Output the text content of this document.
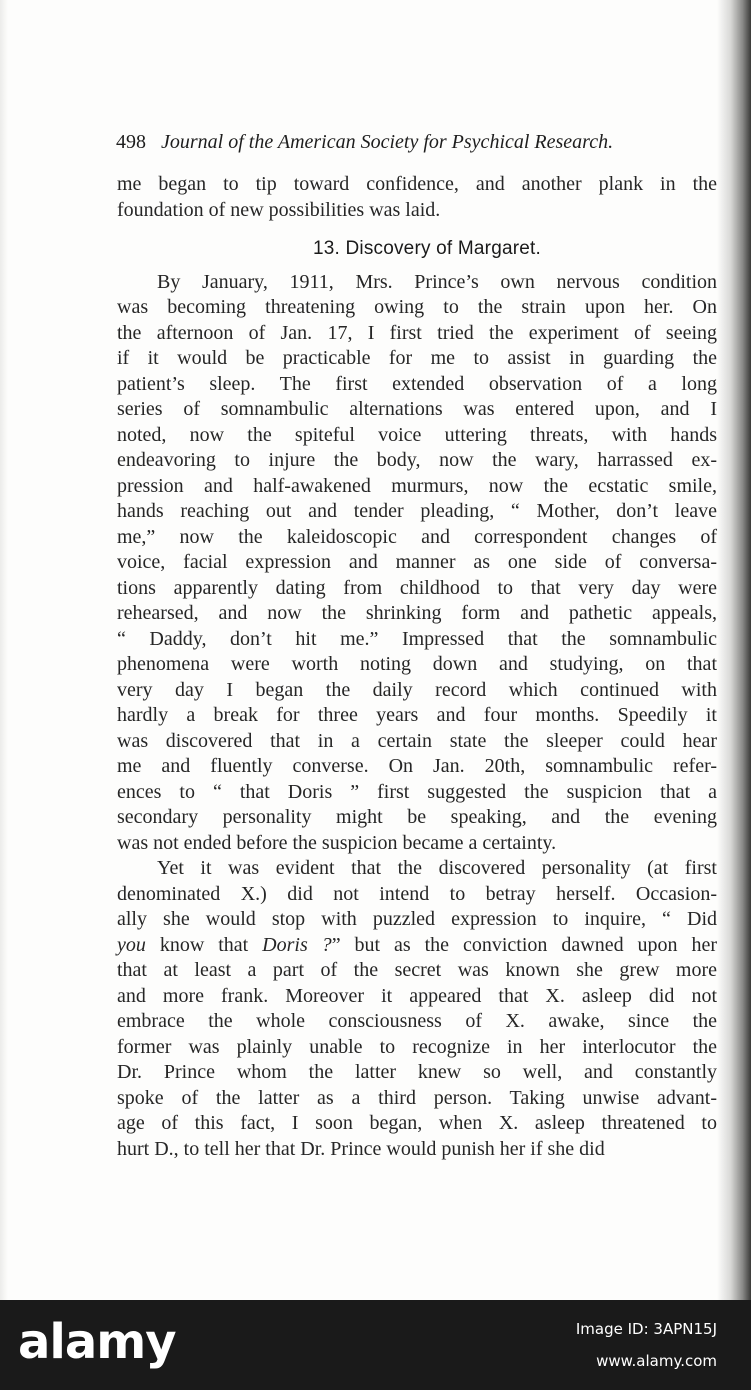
498 Journal of the American Society for Psychical Research.

me began to tip toward confidence, and another plank in the
foundation of new possibilities was laid.

13. Discovery of Margaret.

By January, 1911, Mrs. Prince’s own nervous condition
was becoming threatening owing to the strain upon her. On
the afternoon of Jan. 17, I first tried the experiment of seeing
if it would be practicable for me to assist in guarding the
patient’s sleep. The first extended observation of a long
series of somnambulic alternations was entered upon, and I
noted, now the spiteful voice uttering threats, with hands
endeavoring to injure the body, now the wary, harrassed ex-
pression and half-awakened murmurs, now the ecstatic smile,
hands reaching out and tender pleading, “ Mother, don’t leave
me,” now the kaleidoscopic and correspondent changes of
voice, facial expression and manner as one side of conversa-
tions apparently dating from childhood to that very day were
rehearsed, and now the shrinking form and pathetic appeals,
“ Daddy, don’t hit me.” Impressed that the somnambulic
phenomena were worth noting down and studying, on that
very day I began the daily record which continued with
hardly a break for three years and four months. Speedily it
was discovered that in a certain state the sleeper could hear
me and fluently converse. On Jan. 20th, somnambulic refer-
ences to “ that Doris ” first suggested the suspicion that a
secondary personality might be speaking, and the evening
was not ended before the suspicion became a certainty.

Yet it was evident that the discovered personality (at first
denominated X.) did not intend to betray herself. Occasion-
ally she would stop with puzzled expression to inquire, “ Did
you know that Doris ?” but as the conviction dawned upon her
that at least a part of the secret was known she grew more
and more frank. Moreover it appeared that X. asleep did not
embrace the whole consciousness of X. awake, since the
former was plainly unable to recognize in her interlocutor the
Dr. Prince whom the latter knew so well, and constantly
spoke of the latter as a third person. Taking unwise advant-
age of this fact, I soon began, when X. asleep threatened to
hurt D., to tell her that Dr. Prince would punish her if she did

alamy	Image ID: 3APN15J
www.alamy.com
